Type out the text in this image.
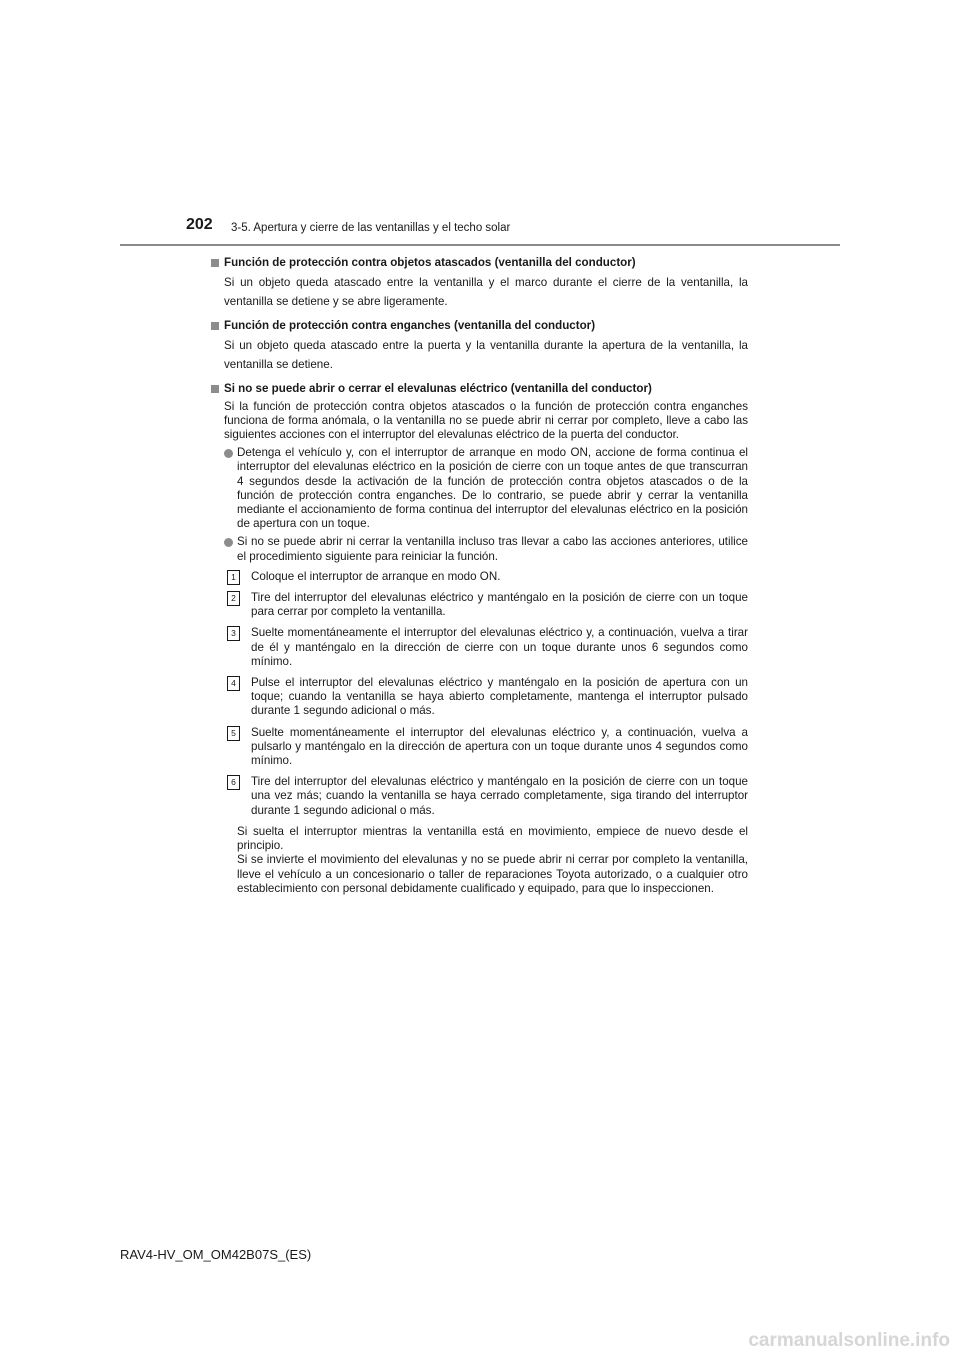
202 3-5. Apertura y cierre de las ventanillas y el techo solar
Función de protección contra objetos atascados (ventanilla del conductor)
Si un objeto queda atascado entre la ventanilla y el marco durante el cierre de la ventanilla, la ventanilla se detiene y se abre ligeramente.
Función de protección contra enganches (ventanilla del conductor)
Si un objeto queda atascado entre la puerta y la ventanilla durante la apertura de la ventanilla, la ventanilla se detiene.
Si no se puede abrir o cerrar el elevalunas eléctrico (ventanilla del conductor)
Si la función de protección contra objetos atascados o la función de protección contra enganches funciona de forma anómala, o la ventanilla no se puede abrir ni cerrar por completo, lleve a cabo las siguientes acciones con el interruptor del elevalunas eléctrico de la puerta del conductor.
Detenga el vehículo y, con el interruptor de arranque en modo ON, accione de forma continua el interruptor del elevalunas eléctrico en la posición de cierre con un toque antes de que transcurran 4 segundos desde la activación de la función de protección contra objetos atascados o de la función de protección contra enganches. De lo contrario, se puede abrir y cerrar la ventanilla mediante el accionamiento de forma continua del interruptor del elevalunas eléctrico en la posición de apertura con un toque.
Si no se puede abrir ni cerrar la ventanilla incluso tras llevar a cabo las acciones anteriores, utilice el procedimiento siguiente para reiniciar la función.
1	Coloque el interruptor de arranque en modo ON.
2	Tire del interruptor del elevalunas eléctrico y manténgalo en la posición de cierre con un toque para cerrar por completo la ventanilla.
3	Suelte momentáneamente el interruptor del elevalunas eléctrico y, a continuación, vuelva a tirar de él y manténgalo en la dirección de cierre con un toque durante unos 6 segundos como mínimo.
4	Pulse el interruptor del elevalunas eléctrico y manténgalo en la posición de apertura con un toque; cuando la ventanilla se haya abierto completamente, mantenga el interruptor pulsado durante 1 segundo adicional o más.
5	Suelte momentáneamente el interruptor del elevalunas eléctrico y, a continuación, vuelva a pulsarlo y manténgalo en la dirección de apertura con un toque durante unos 4 segundos como mínimo.
6	Tire del interruptor del elevalunas eléctrico y manténgalo en la posición de cierre con un toque una vez más; cuando la ventanilla se haya cerrado completamente, siga tirando del interruptor durante 1 segundo adicional o más.
Si suelta el interruptor mientras la ventanilla está en movimiento, empiece de nuevo desde el principio.
Si se invierte el movimiento del elevalunas y no se puede abrir ni cerrar por completo la ventanilla, lleve el vehículo a un concesionario o taller de reparaciones Toyota autorizado, o a cualquier otro establecimiento con personal debidamente cualificado y equipado, para que lo inspeccionen.
RAV4-HV_OM_OM42B07S_(ES)
carmanualsonline.info
